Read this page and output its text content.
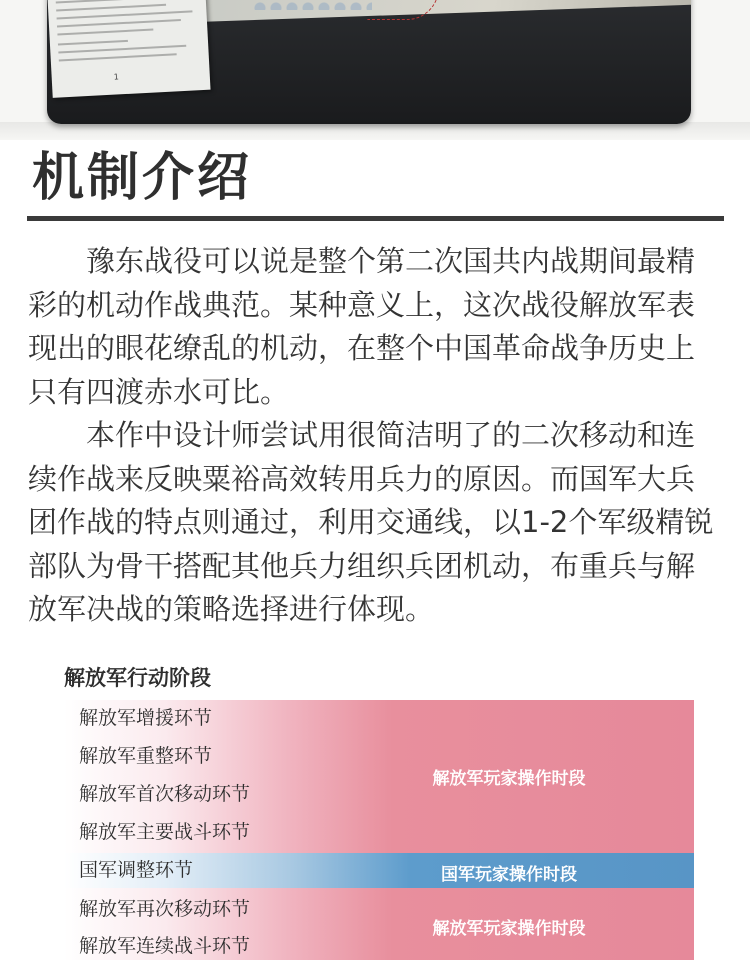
1
机制介绍

豫东战役可以说是整个第二次国共内战期间最精彩的机动作战典范。某种意义上，这次战役解放军表现出的眼花缭乱的机动，在整个中国革命战争历史上只有四渡赤水可比。

本作中设计师尝试用很简洁明了的二次移动和连续作战来反映粟裕高效转用兵力的原因。而国军大兵团作战的特点则通过，利用交通线，以1-2个军级精锐部队为骨干搭配其他兵力组织兵团机动，布重兵与解放军决战的策略选择进行体现。

解放军行动阶段
解放军玩家操作时段
国军玩家操作时段
解放军玩家操作时段
解放军增援环节
解放军重整环节
解放军首次移动环节
解放军主要战斗环节
国军调整环节
解放军再次移动环节
解放军连续战斗环节
